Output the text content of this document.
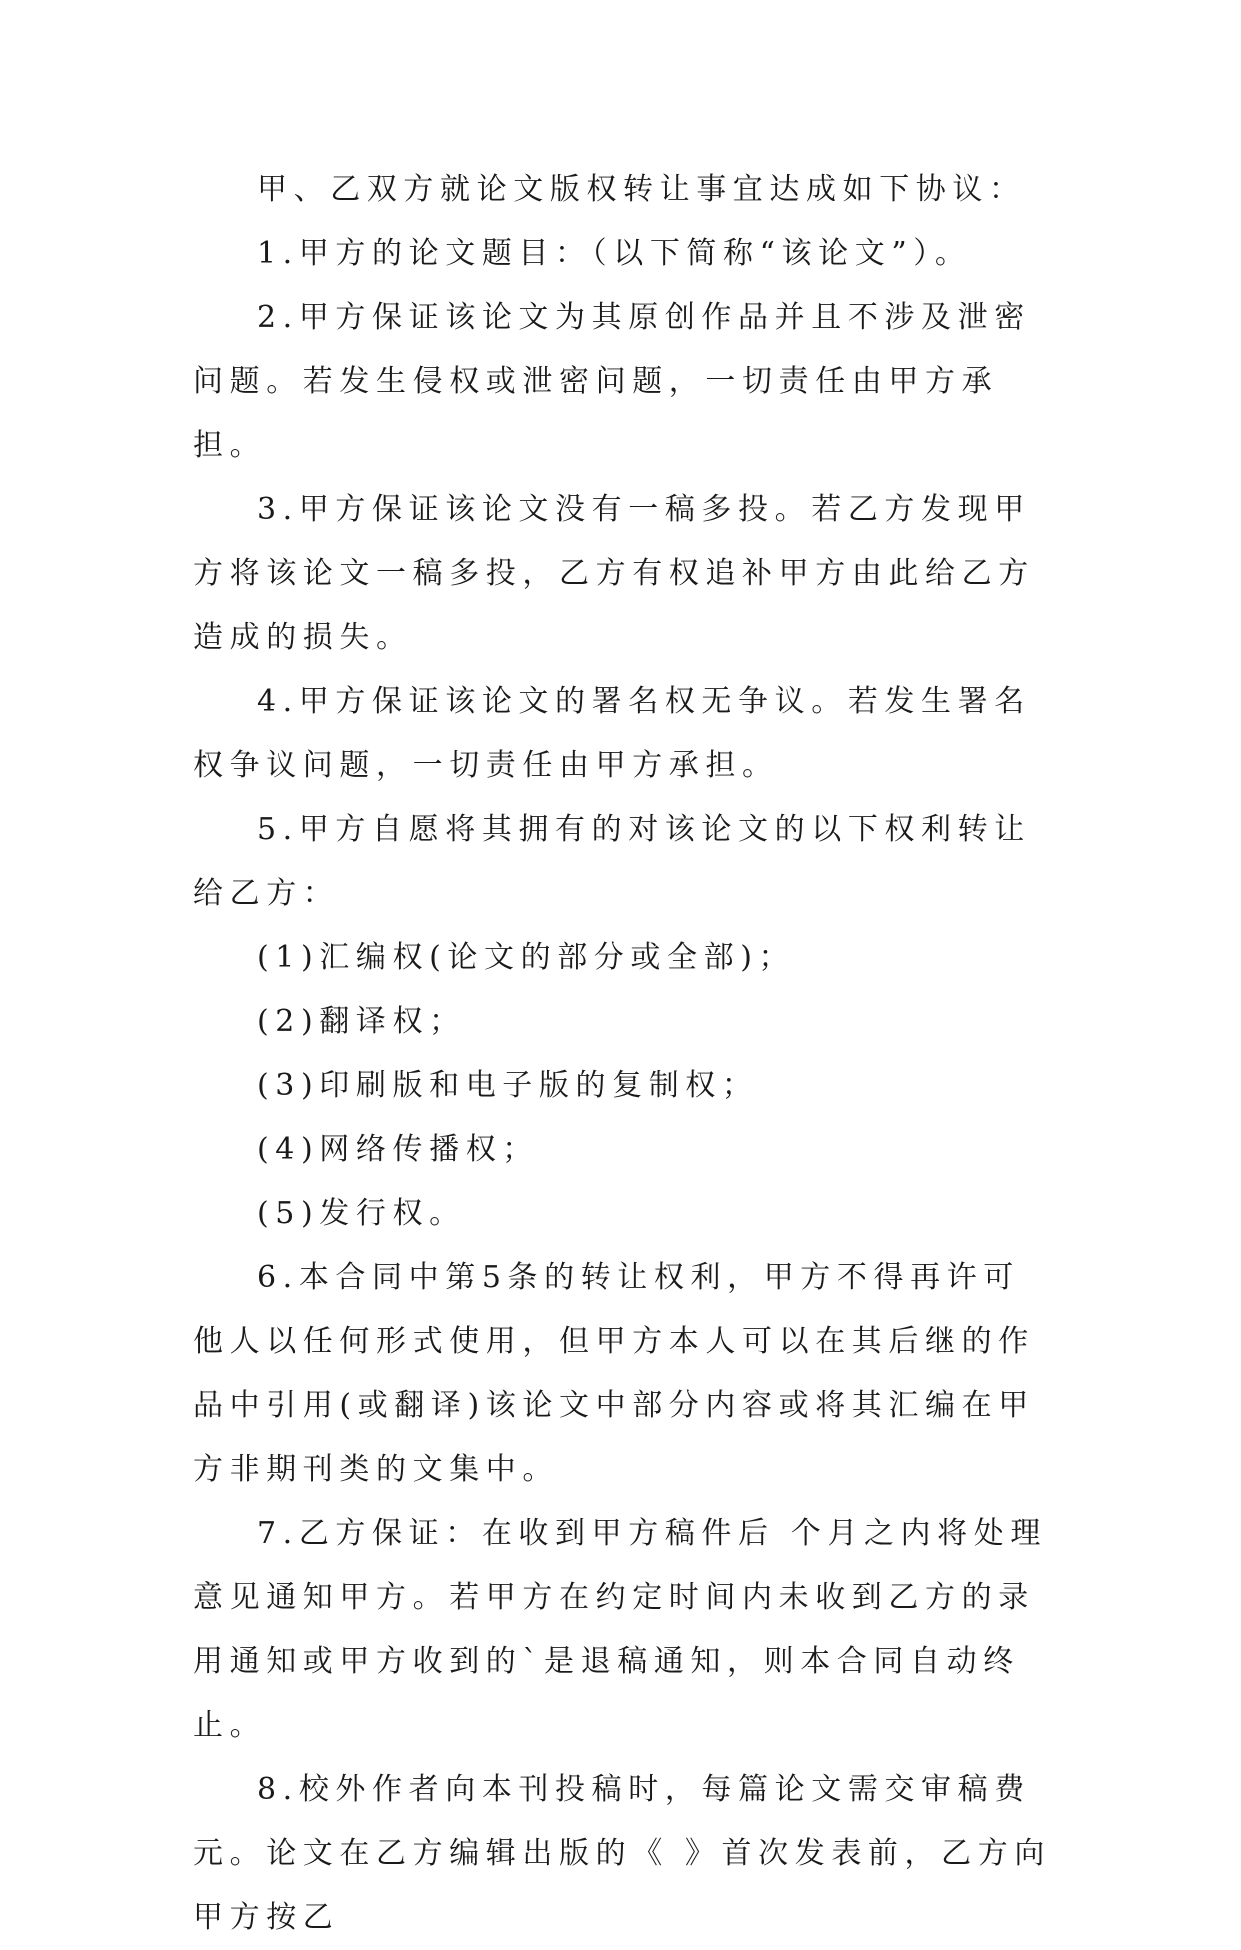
甲、乙双方就论文版权转让事宜达成如下协议：

1.甲方的论文题目：（以下简称“该论文”）。

2.甲方保证该论文为其原创作品并且不涉及泄密问题。若发生侵权或泄密问题，一切责任由甲方承担。

3.甲方保证该论文没有一稿多投。若乙方发现甲方将该论文一稿多投，乙方有权追补甲方由此给乙方造成的损失。

4.甲方保证该论文的署名权无争议。若发生署名权争议问题，一切责任由甲方承担。

5.甲方自愿将其拥有的对该论文的以下权利转让给乙方：

(1)汇编权(论文的部分或全部)；

(2)翻译权；

(3)印刷版和电子版的复制权；

(4)网络传播权；

(5)发行权。

6.本合同中第5条的转让权利，甲方不得再许可他人以任何形式使用，但甲方本人可以在其后继的作品中引用(或翻译)该论文中部分内容或将其汇编在甲方非期刊类的文集中。

7.乙方保证：在收到甲方稿件后 个月之内将处理意见通知甲方。若甲方在约定时间内未收到乙方的录用通知或甲方收到的`是退稿通知，则本合同自动终止。

8.校外作者向本刊投稿时，每篇论文需交审稿费 元。论文在乙方编辑出版的《 》首次发表前，乙方向甲方按乙
